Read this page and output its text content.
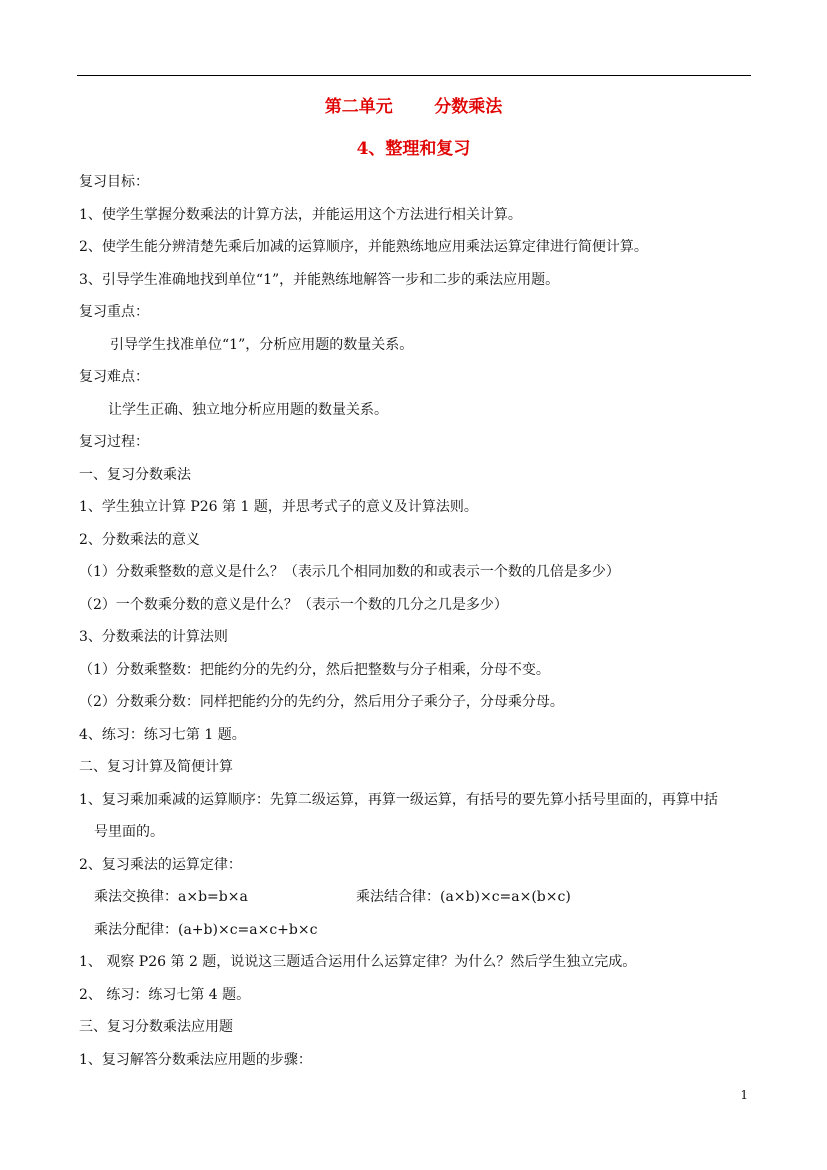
第二单元       分数乘法
4、整理和复习
复习目标：
1、使学生掌握分数乘法的计算方法，并能运用这个方法进行相关计算。
2、使学生能分辨清楚先乘后加减的运算顺序，并能熟练地应用乘法运算定律进行简便计算。
3、引导学生准确地找到单位“1”，并能熟练地解答一步和二步的乘法应用题。
复习重点：
引导学生找准单位“1”，分析应用题的数量关系。
复习难点：
让学生正确、独立地分析应用题的数量关系。
复习过程：
一、复习分数乘法
1、学生独立计算 P26 第 1 题，并思考式子的意义及计算法则。
2、分数乘法的意义
（1）分数乘整数的意义是什么？（表示几个相同加数的和或表示一个数的几倍是多少）
（2）一个数乘分数的意义是什么？（表示一个数的几分之几是多少）
3、分数乘法的计算法则
（1）分数乘整数：把能约分的先约分，然后把整数与分子相乘，分母不变。
（2）分数乘分数：同样把能约分的先约分，然后用分子乘分子，分母乘分母。
4、练习：练习七第 1 题。
二、复习计算及简便计算
1、复习乘加乘减的运算顺序：先算二级运算，再算一级运算，有括号的要先算小括号里面的，再算中括
号里面的。
2、复习乘法的运算定律：
乘法交换律：a×b=b×a	乘法结合律：(a×b)×c=a×(b×c)
乘法分配律：(a+b)×c=a×c+b×c
1、 观察 P26 第 2 题，说说这三题适合运用什么运算定律？为什么？然后学生独立完成。
2、 练习：练习七第 4 题。
三、复习分数乘法应用题
1、复习解答分数乘法应用题的步骤：
1
